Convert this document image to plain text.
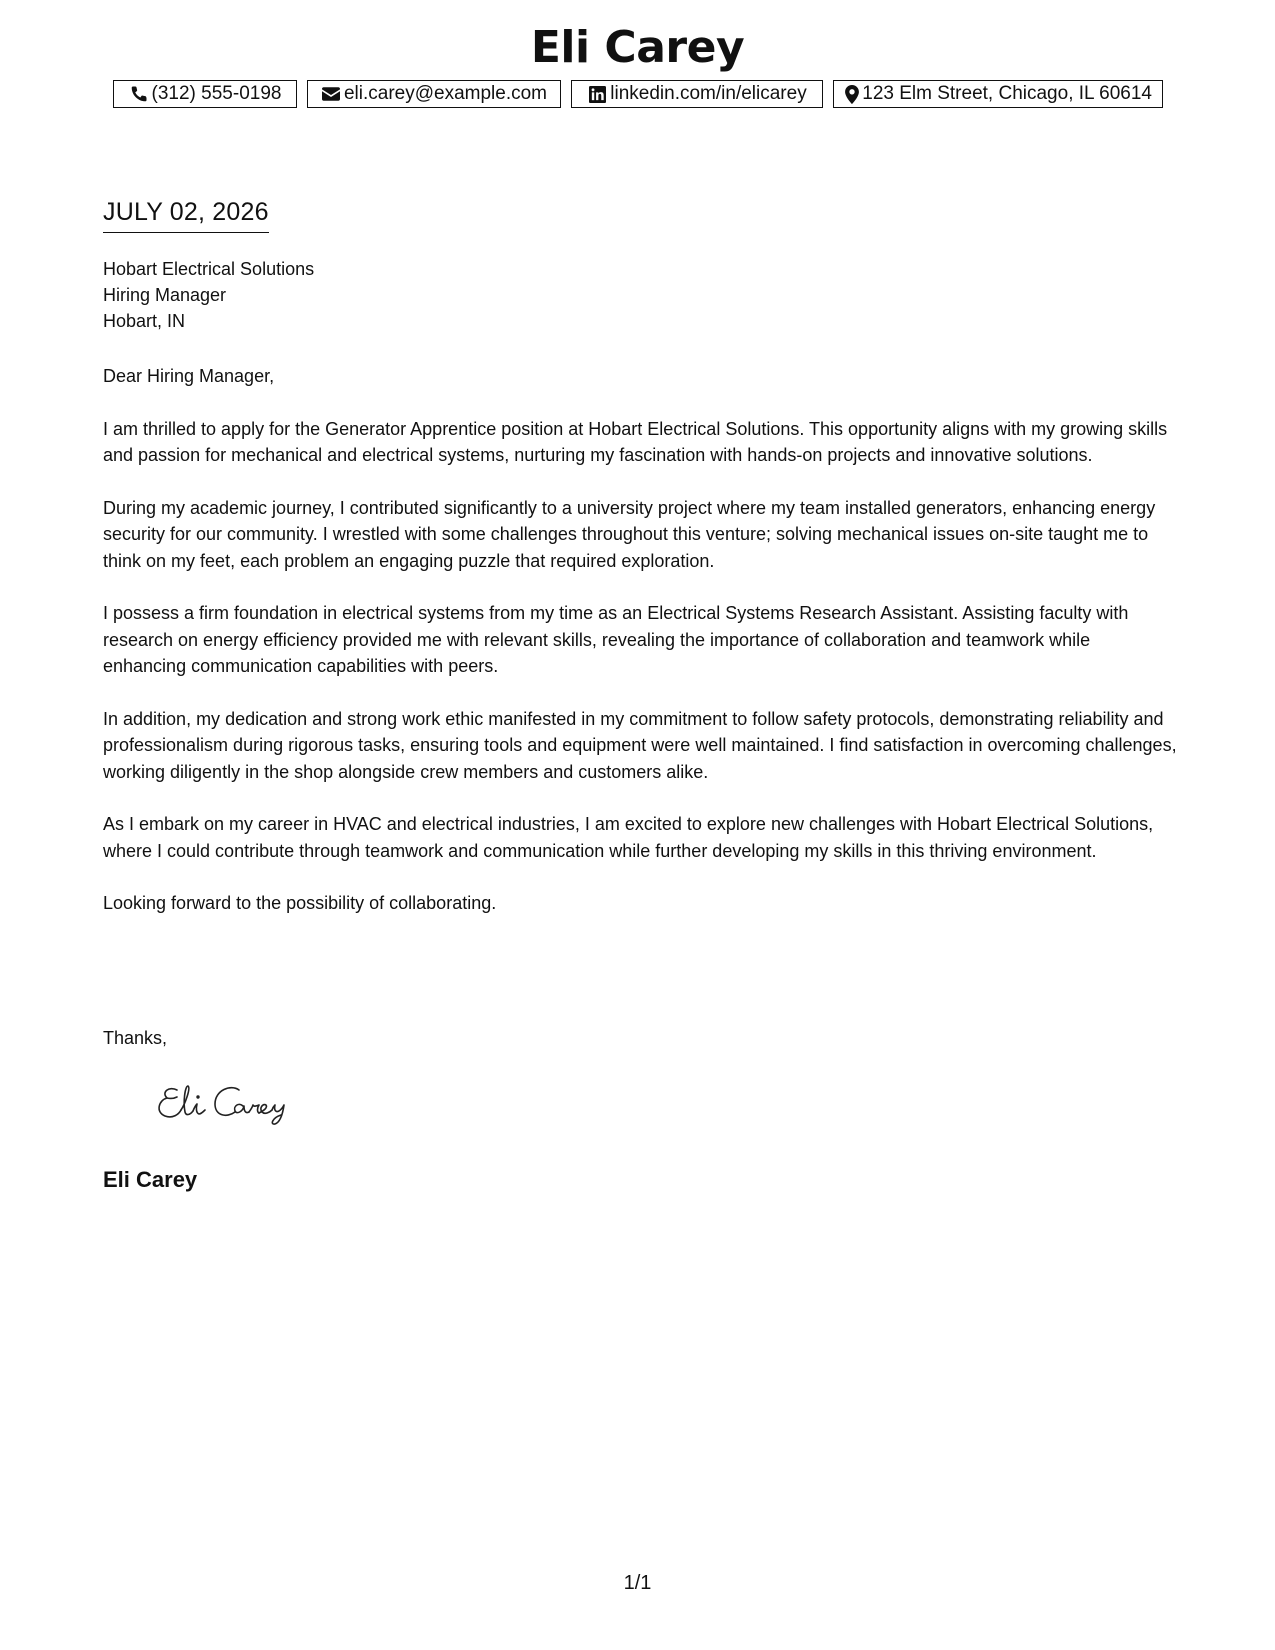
Eli Carey
(312) 555-0198	eli.carey@example.com	linkedin.com/in/elicarey	123 Elm Street, Chicago, IL 60614
JULY 02, 2026
Hobart Electrical Solutions
Hiring Manager
Hobart, IN

Dear Hiring Manager,

I am thrilled to apply for the Generator Apprentice position at Hobart Electrical Solutions. This opportunity aligns with my growing skills and passion for mechanical and electrical systems, nurturing my fascination with hands-on projects and innovative solutions.

During my academic journey, I contributed significantly to a university project where my team installed generators, enhancing energy security for our community. I wrestled with some challenges throughout this venture; solving mechanical issues on-site taught me to think on my feet, each problem an engaging puzzle that required exploration.

I possess a firm foundation in electrical systems from my time as an Electrical Systems Research Assistant. Assisting faculty with research on energy efficiency provided me with relevant skills, revealing the importance of collaboration and teamwork while enhancing communication capabilities with peers.

In addition, my dedication and strong work ethic manifested in my commitment to follow safety protocols, demonstrating reliability and professionalism during rigorous tasks, ensuring tools and equipment were well maintained. I find satisfaction in overcoming challenges, working diligently in the shop alongside crew members and customers alike.

As I embark on my career in HVAC and electrical industries, I am excited to explore new challenges with Hobart Electrical Solutions, where I could contribute through teamwork and communication while further developing my skills in this thriving environment.

Looking forward to the possibility of collaborating.

Thanks,
Eli Carey
1/1
